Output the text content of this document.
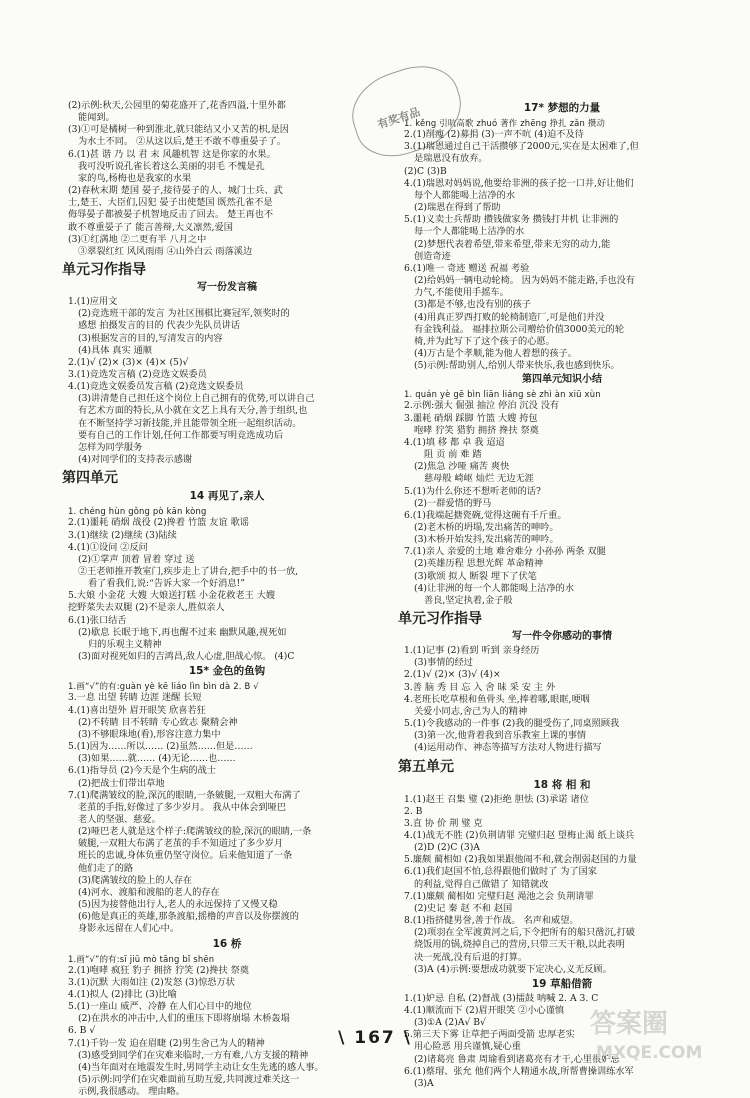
有奖有品

(2)示例:秋天,公园里的菊花盛开了,花香四溢,十里外都

能闻到。

(3)①可是橘树一种到淮北,就只能结又小又苦的枳,是因

为水土不同。 ②从这以后,楚王不敢不尊重晏子了。

6.(1)甚 谐 乃 以 君 末 风趣机智 这是你家的水果。

我可没听说孔雀长着这么美丽的羽毛 不愧是孔

家的鸟,杨梅也是我家的水果

(2)春秋末期 楚国 晏子,接待晏子的人、城门士兵、武

士,楚王、大臣们,囚犯 晏子出使楚国 既然孔雀不是

侮辱晏子都被晏子机智地反击了回去。 楚王再也不

敢不尊重晏子了 能言善辩,大义凛然,爱国

(3)①红满地 ②二更有半 八月之中

③翠裂红红 风风雨雨 ④山外白云 雨落溪边

单元习作指导
写一份发言稿

1.(1)应用文

(2)竞选班干部的发言 为社区围棋比赛冠军,领奖时的

感想 拍摄发言的目的 代表少先队员讲话

(3)根据发言的目的,写清发言的内容

(4)具体 真实 通顺

2.(1)√ (2)× (3)× (4)× (5)√

3.(1)竞选发言稿 (2)竞选文娱委员

4.(1)竞选文娱委员发言稿 (2)竞选文娱委员

(3)讲清楚自己担任这个岗位上自己拥有的优势,可以讲自己

有艺术方面的特长,从小就在文艺上具有天分,善于组织,也

在不断坚持学习新技能,并且能带领全班一起组织活动。

要有自己的工作计划,任何工作都要写明竞选成功后

怎样为同学服务

(4)对同学们的支持表示感谢

第四单元
14 再见了,亲人

1. chéng hùn gǒng pò kān kòng

2.(1)噩耗 硝烟 战役 (2)搀着 竹篮 友谊 歌谣

3.(1)继续 (2)继续 (3)陆续

4.(1)①设问 ②反问

(2)①掌声 顶着 冒着 穿过 送

②王老师推开教室门,疾步走上了讲台,把手中的书一放,

看了看我们,说:“告诉大家一个好消息!”

5.大娘 小金花 大嫂 大娘送打糕 小金花救老王 大嫂

挖野菜失去双腿 (2)不是亲人,胜似亲人

6.(1)张口结舌

(2)歇息 长眠于地下,再也醒不过来 幽默风趣,视死如

归的乐观主义精神

(3)面对视死如归的吉鸿昌,敌人心虚,胆战心惊。 (4)C

15* 金色的鱼钩

1.画“√”的有:guàn yè kē liáo lìn bìn dà 2. B √

3.一息 出望 转睛 边涯 迷醒 长短

4.(1)喜出望外 眉开眼笑 欣喜若狂

(2)不转睛 目不转睛 专心致志 聚精会神

(3)不够眼珠地(看),形容注意力集中

5.(1)因为……所以…… (2)虽然……但是……

(3)如果……就…… (4)无论……也……

6.(1)指导员 (2)今天是个生病的战士

(2)把战士们带出草地

7.(1)爬满皱纹的脸,深沉的眼睛,一条皴腿,一双粗大布满了

老茧的手指,好像过了多少岁月。 我从中体会到哑巴

老人的坚强、慈爱。

(2)哑巴老人就是这个样子:爬满皱纹的脸,深沉的眼睛,一条

皴腿,一双粗大布满了老茧的手不知道过了多少岁月

班长的忠诚,身体负重仍坚守岗位。后来他知道了一条

他们走了的路

(3)爬满皱纹的脸上的人存在

(4)河水、渡船和渡船的老人的存在

(5)因为接替他出行人,老人的永远保持了又慢又稳

(6)他是真正的英雄,那条渡船,摇橹的声音以及你摆渡的

身影永远留在人们心中。

16 桥

1.画“√”的有:sī jiū mò tāng bǐ shēn

2.(1)咆哮 疯狂 豹子 拥挤 狞笑 (2)搀扶 祭奠

3.(1)沉默 大雨如注 (2)发怒 (3)惊恐万状

4.(1)拟人 (2)排比 (3)比喻

5.(1)一座山 威严、冷静 在人们心目中的地位

(2)在洪水的冲击中,人们的重压下即将崩塌 木桥轰塌

6. B √

7.(1)千钧一发 迫在眉睫 (2)男生舍己为人的精神

(3)感受到同学们在灾难来临时,一方有难,八方支援的精神

(4)当年面对在地震发生时,男同学主动让女生先逃的感人事。

(5)示例:同学们在灾难面前互助互爱,共同渡过难关这一

示例,我很感动。 理由略。

17* 梦想的力量

1. kěng 引吭高歌 zhuó 著作 zhēng 挣扎 zǎn 攒动

2.(1)削瘦 (2)募捐 (3)一声不吭 (4)迫不及待

3.(1)瑞恩通过自己干活攒够了2000元,实在是太困难了,但

是瑞恩没有放弃。

(2)C (3)B

4.(1)瑞恩对妈妈说,他要给非洲的孩子挖一口井,好让他们

每个人都能喝上洁净的水

(2)瑞恩在得到了帮助

5.(1)义卖士兵帮助 攒钱做家务 攒钱打井机 让非洲的

每一个人都能喝上洁净的水

(2)梦想代表着希望,带来希望,带来无穷的动力,能

创造奇迹

6.(1)唯一 奇迹 赠送 祝福 考验

(2)给妈妈一辆电动轮椅。 因为妈妈不能走路,手也没有

力气,不能使用手摇车。

(3)都是不够,也没有别的孩子

(4)用真正罗西打败的轮椅制造厂,可是他们并没

有金钱利益。 福排拉斯公司赠给价值3000美元的轮

椅,并为此写下了这个孩子的心愿。

(4)万古是个孝顺,能为他人着想的孩子。

(5)示例:帮助别人,给别人带来快乐,我也感到快乐。

第四单元知识小结

1. quán yè gē bìn liān liáng sè zhì àn xiū xùn

2.示例:强大 倔强 抽泣 停泊 沉没 没有

3.噩耗 硝烟 踩脚 竹篮 大嫂 挎包

咆哮 狞笑 猎豹 拥挤 搀扶 祭奠

4.(1)填 移 都 卓 我 迢迢

阻 贡 前 难 踏

(2)焦急 沙哑 痛苦 爽快

慈母般 崎岖 灿烂 无边无涯

5.(1)为什么你还不想听老师的话?

(2)一群爱惜的野马

6.(1)我端起搪瓷碗,觉得这碗有千斤重。

(2)老木桥的坍塌,发出痛苦的呻吟。

(3)木桥开始发抖,发出痛苦的呻吟。

7.(1)亲人 亲爱的土地 难舍难分 小孙孙 两条 双腿

(2)英雄历程 思想光辉 革命精神

(3)歌颂 拟人 断裂 埋下了伏笔

(4)让非洲的每一个人都能喝上洁净的水

善良,坚定执着,金子般

单元习作指导
写一件令你感动的事情

1.(1)记事 (2)看到 听到 亲身经历

(3)事情的经过

2.(1)√ (2)× (3)√ (4)×

3.善 脑 秀 目 忘 入 舍 昧 采 安 主 外

4.老班长吃草根和鱼骨头 坐,捧着哪,眼眶,哽咽

关爱小同志,舍己为人的精神

5.(1)令我感动的一件事 (2)我的腿受伤了,同桌照顾我

(3)第一次,他背着我到音乐教室上课的事情

(4)运用动作、神态等描写方法对人物进行描写

第五单元
18 将 相 和

1.(1)赵王 召集 璧 (2)拒绝 胆怯 (3)承诺 诸位

2. B

3.直 协 价 荆 璧 克

4.(1)战无不胜 (2)负荆请罪 完璧归赵 望梅止渴 纸上谈兵

(2)D (2)C (3)A

5.廉颇 蔺相如 (2)我如果跟他闹不和,就会削弱赵国的力量

6.(1)我们赵国不怕,总得跟他们做时了 为了国家

的利益,觉得自己做错了 知错就改

7.(1)廉颇 蔺相如 完璧归赵 渑池之会 负荆请罪

(2)史记 秦 赵 不和 赵国

8.(1)指挤健男誉,善于作战。 名声和威望。

(2)项羽在全军渡黄河之后,下令把所有的船只凿沉,打破

烧饭用的锅,烧掉自己的营房,只带三天干粮,以此表明

决一死战,没有后退的打算。

(3)A (4)示例:要想成功就要下定决心,义无反顾。

19 草船借箭

1.(1)妒忌 自私 (2)督战 (3)擂鼓 呐喊 2. A 3. C

4.(1)顺流而下 (2)眉开眼笑 ②小心谨慎

(3)①A (2)A√ B√

5.第三天下雾 让草把子两面受箭 忠厚老实

用心险恶 用兵谨慎,疑心重

(2)诸葛亮 鲁肃 周瑜看到诸葛亮有才干,心里很妒忌

6.(1)蔡瑁、张允 他们两个人精通水战,所帮曹操训练水军

(3)A

\ 167 \	答案圈
MXQE.COM
